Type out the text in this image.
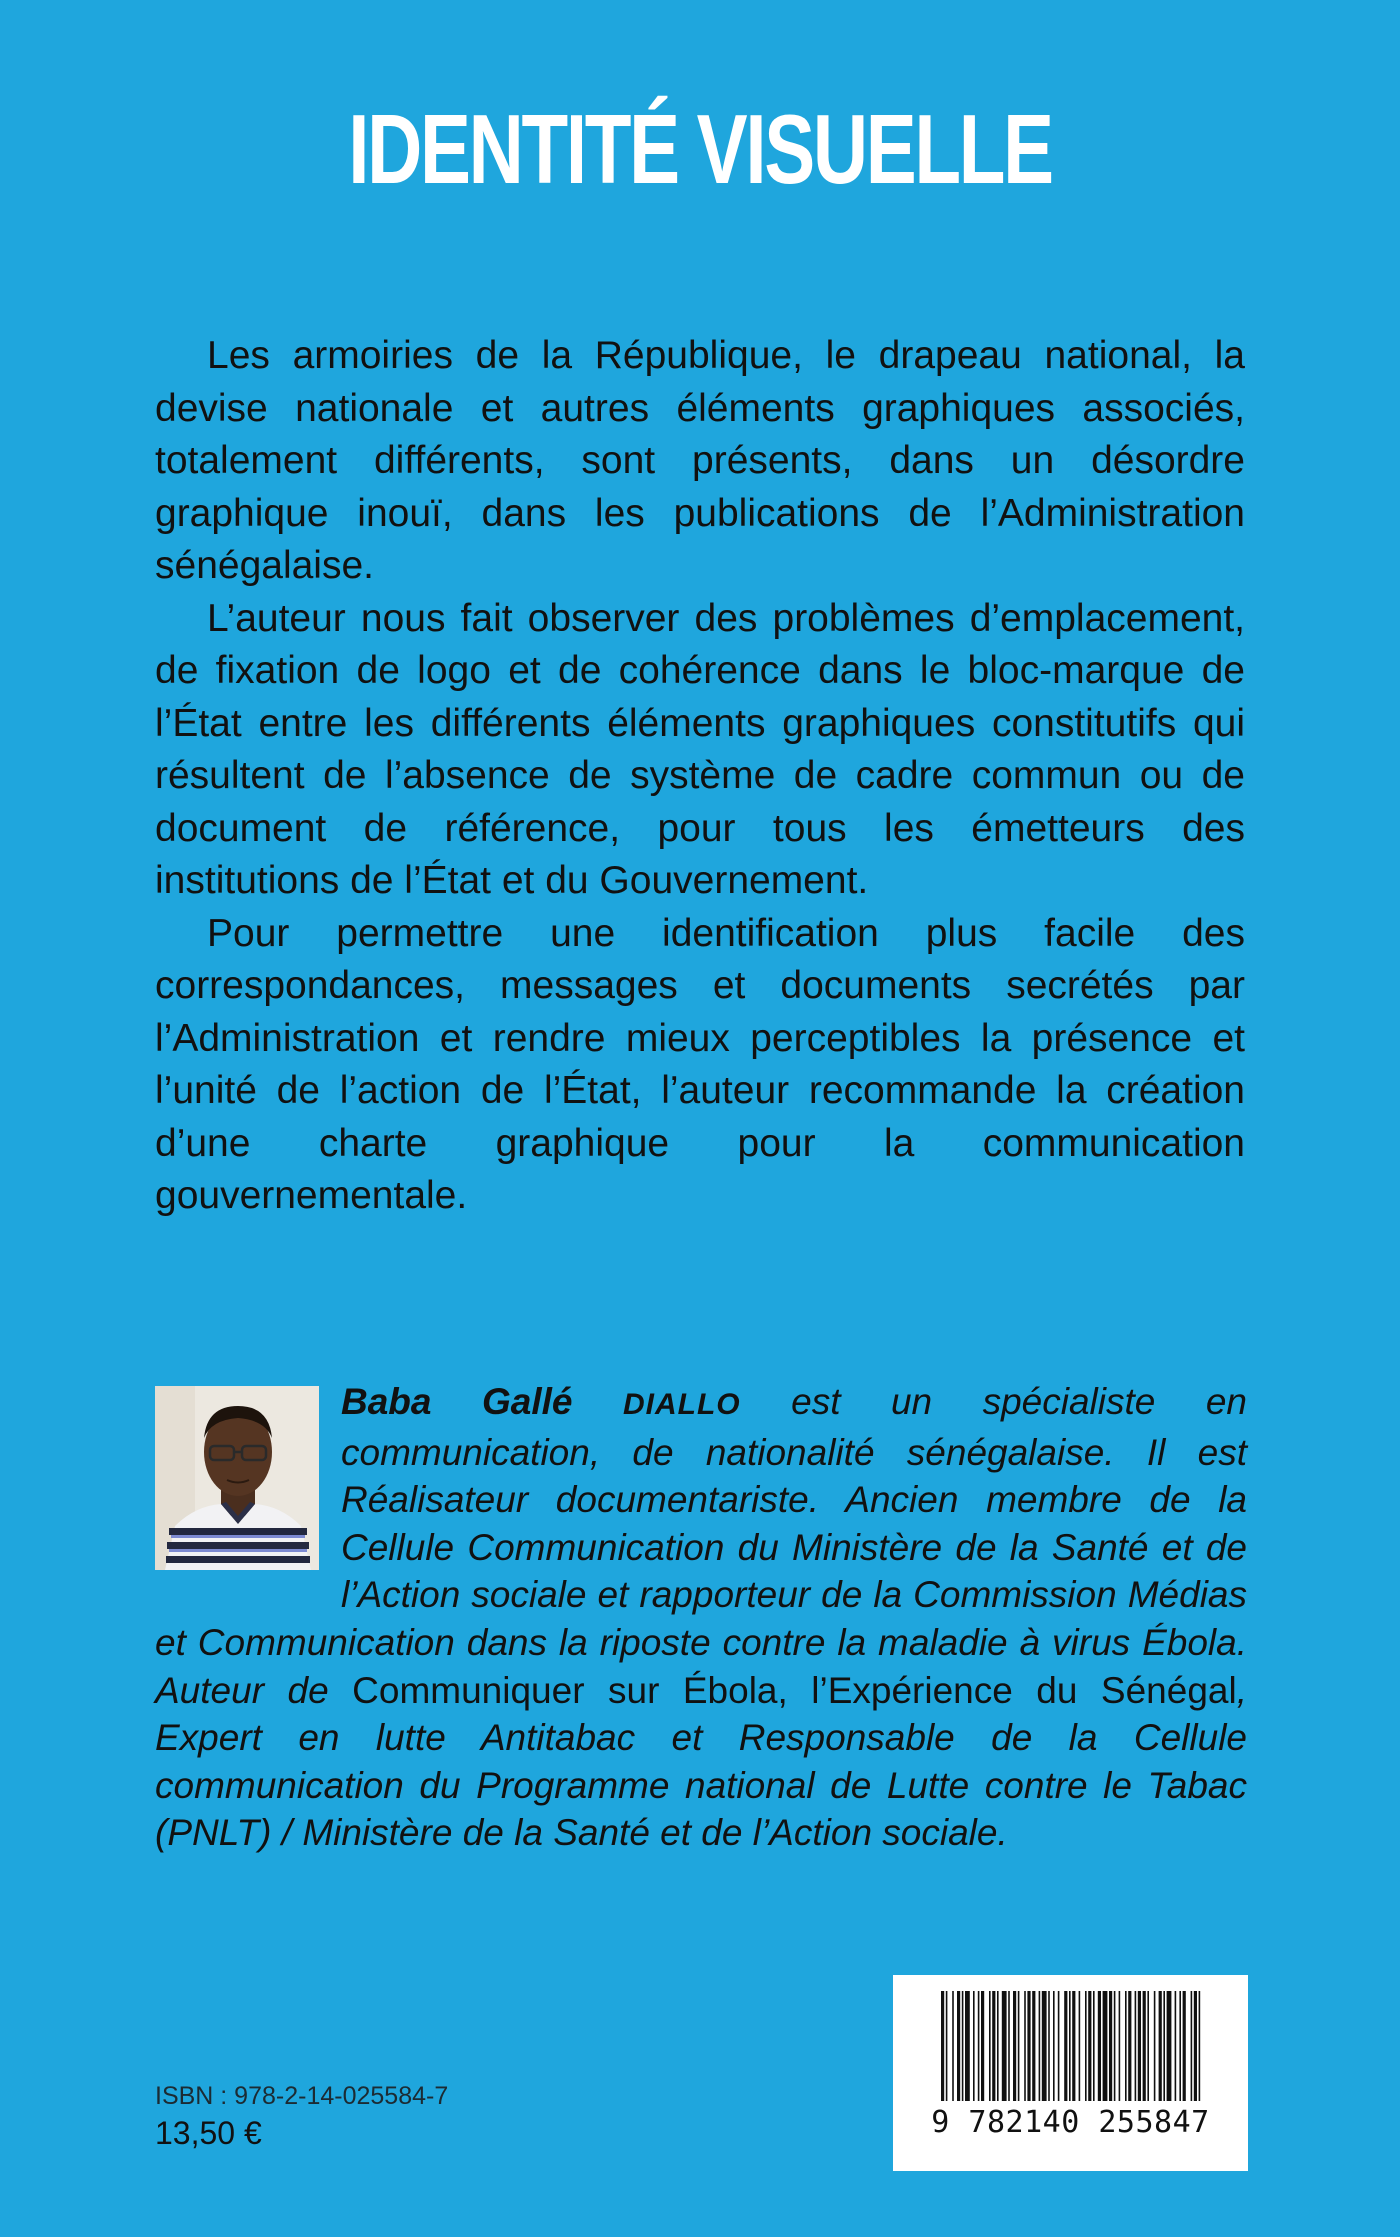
IDENTITÉ VISUELLE

Les armoiries de la République, le drapeau national, la devise nationale et autres éléments graphiques associés, totalement différents, sont présents, dans un désordre graphique inouï, dans les publications de l’Administration sénégalaise.

L’auteur nous fait observer des problèmes d’emplacement, de fixation de logo et de cohérence dans le bloc-marque de l’État entre les différents éléments graphiques constitutifs qui résultent de l’absence de système de cadre commun ou de document de référence, pour tous les émetteurs des institutions de l’État et du Gouvernement.

Pour permettre une identification plus facile des correspondances, messages et documents secrétés par l’Administration et rendre mieux perceptibles la présence et l’unité de l’action de l’État, l’auteur recommande la création d’une charte graphique pour la communication gouvernementale.

Baba Gallé DIALLO est un spécialiste en communication, de nationalité sénégalaise. Il est Réalisateur documentariste. Ancien membre de la Cellule Communication du Ministère de la Santé et de l’Action sociale et rapporteur de la Commission Médias et Communication dans la riposte contre la maladie à virus Ébola. Auteur de Communiquer sur Ébola, l’Expérience du Sénégal, Expert en lutte Antitabac et Responsable de la Cellule communication du Programme national de Lutte contre le Tabac (PNLT) / Ministère de la Santé et de l’Action sociale.
ISBN : 978-2-14-025584-7
13,50 €	9 782140 255847
